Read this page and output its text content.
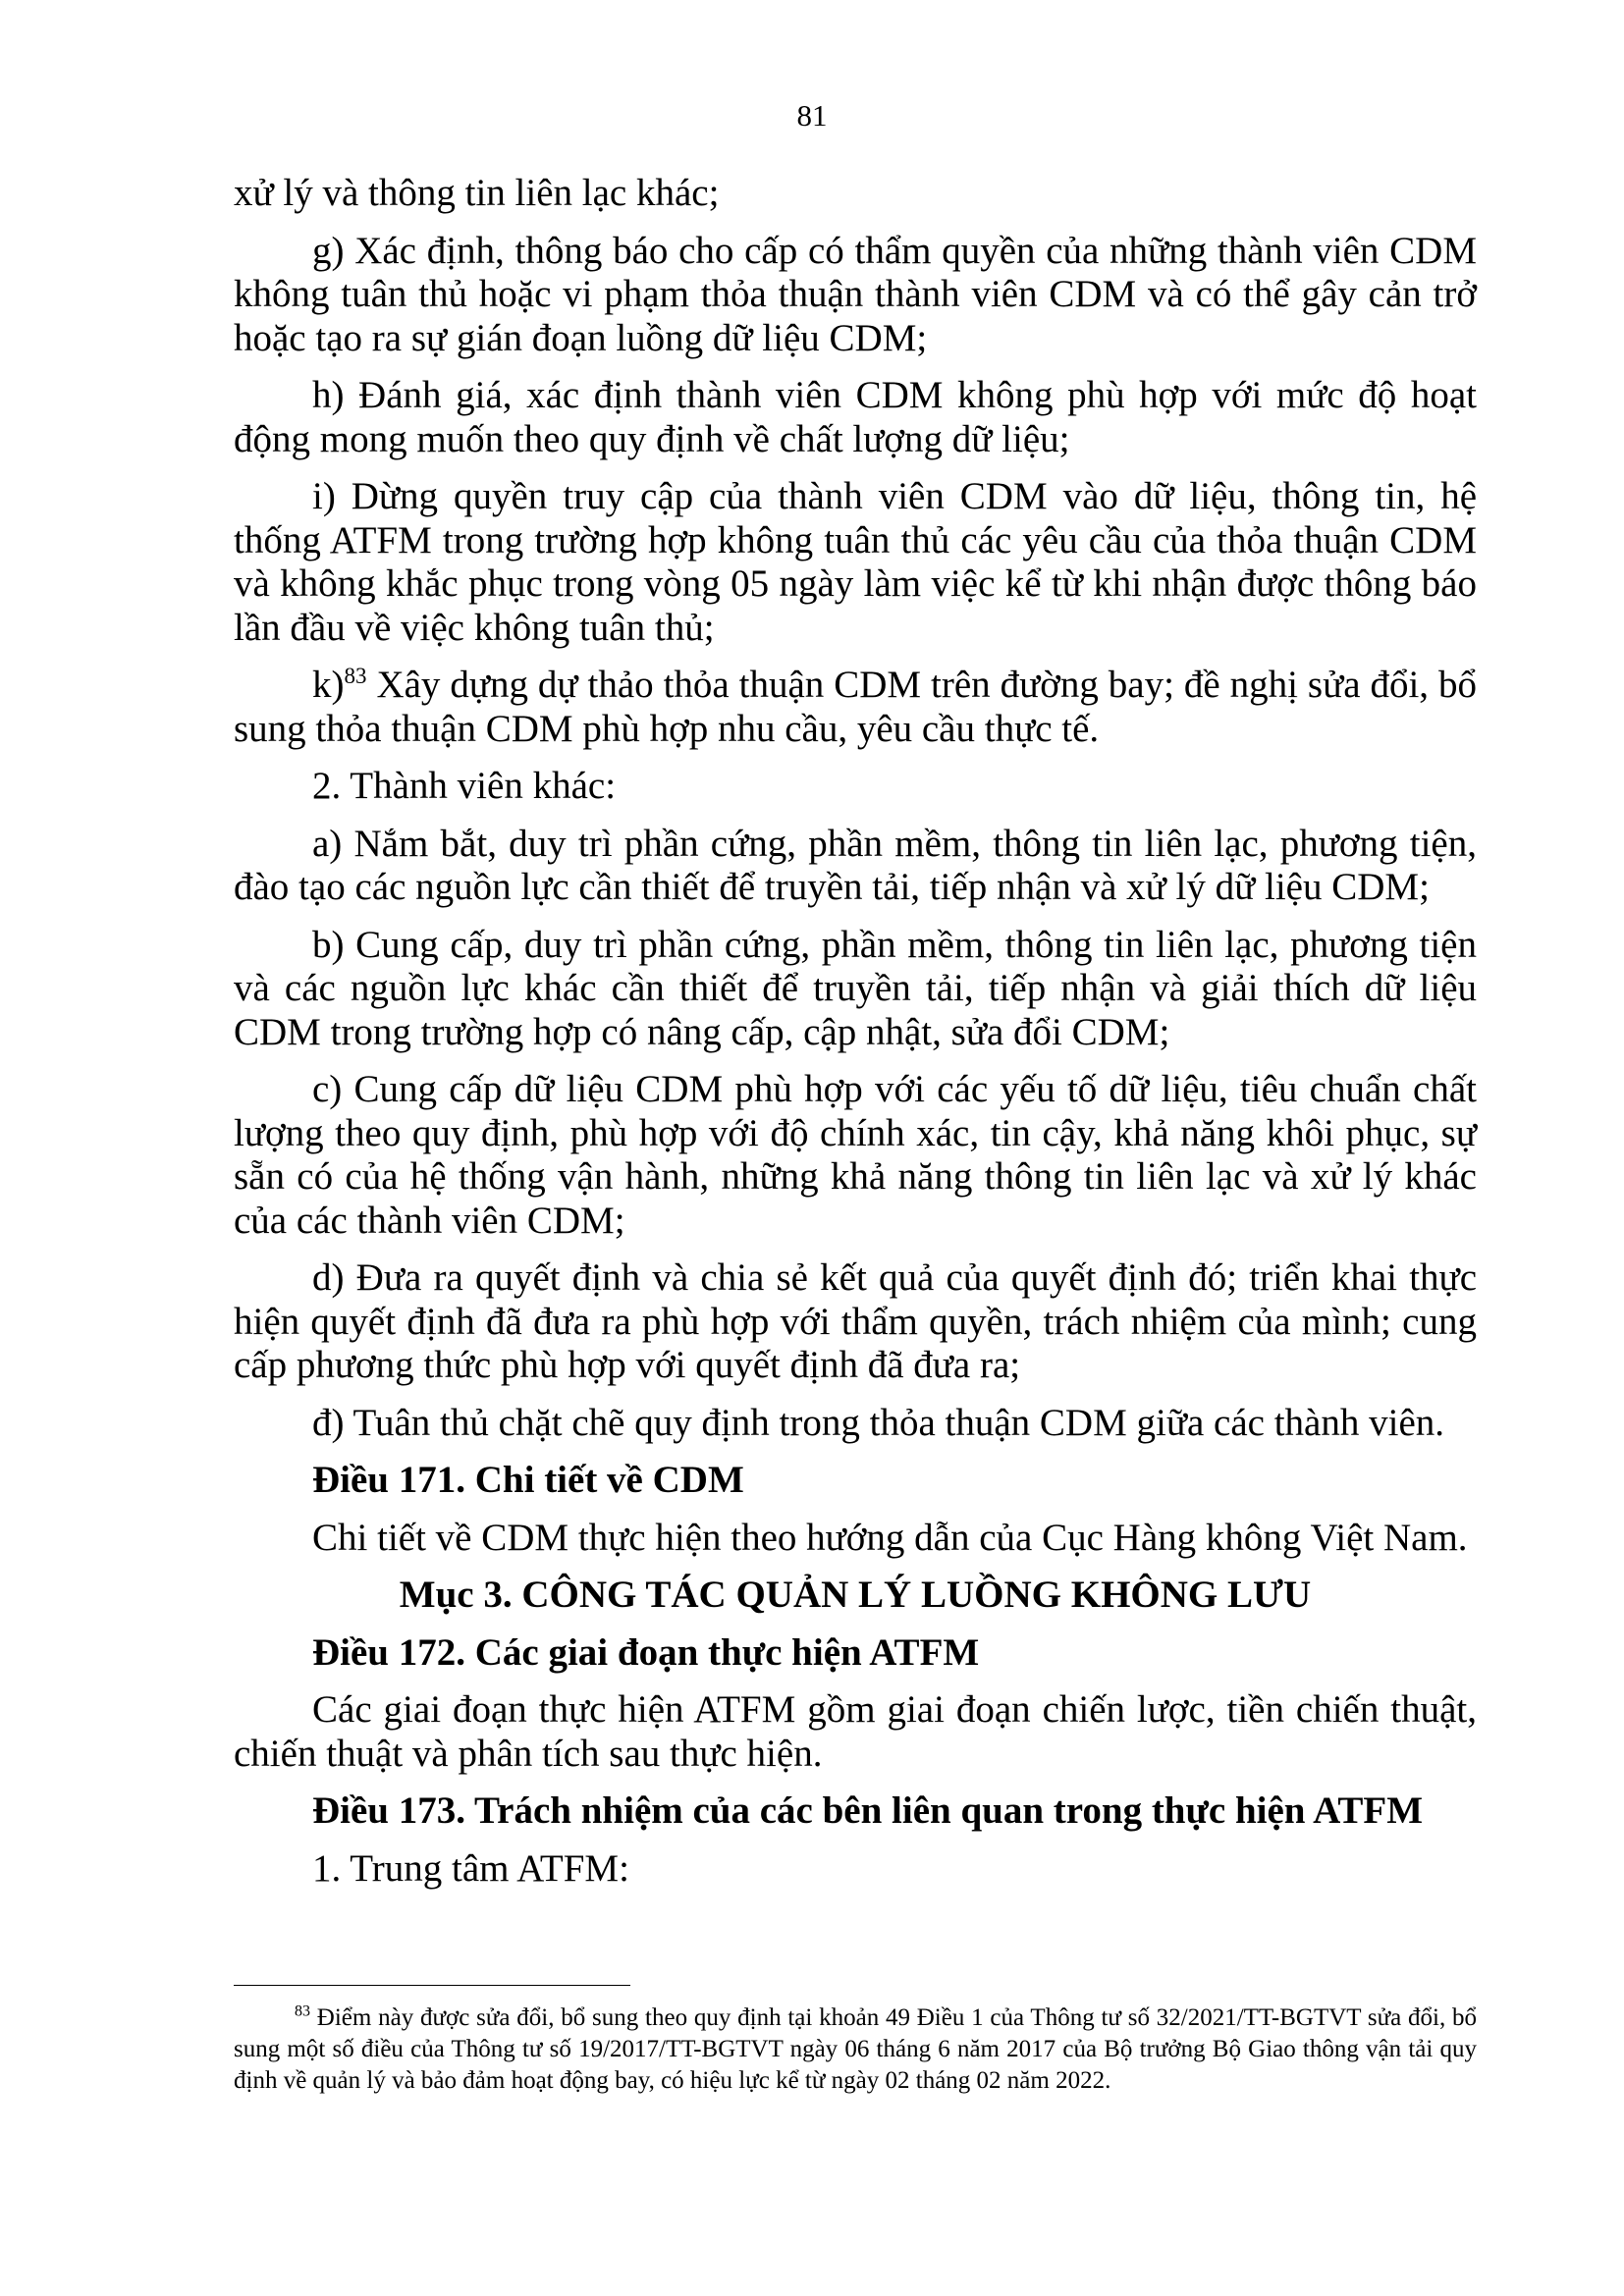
81

xử lý và thông tin liên lạc khác;

g) Xác định, thông báo cho cấp có thẩm quyền của những thành viên CDM không tuân thủ hoặc vi phạm thỏa thuận thành viên CDM và có thể gây cản trở hoặc tạo ra sự gián đoạn luồng dữ liệu CDM;

h) Đánh giá, xác định thành viên CDM không phù hợp với mức độ hoạt động mong muốn theo quy định về chất lượng dữ liệu;

i) Dừng quyền truy cập của thành viên CDM vào dữ liệu, thông tin, hệ thống ATFM trong trường hợp không tuân thủ các yêu cầu của thỏa thuận CDM và không khắc phục trong vòng 05 ngày làm việc kể từ khi nhận được thông báo lần đầu về việc không tuân thủ;

k)$^{83}$ Xây dựng dự thảo thỏa thuận CDM trên đường bay; đề nghị sửa đổi, bổ sung thỏa thuận CDM phù hợp nhu cầu, yêu cầu thực tế.

2. Thành viên khác:

a) Nắm bắt, duy trì phần cứng, phần mềm, thông tin liên lạc, phương tiện, đào tạo các nguồn lực cần thiết để truyền tải, tiếp nhận và xử lý dữ liệu CDM;

b) Cung cấp, duy trì phần cứng, phần mềm, thông tin liên lạc, phương tiện và các nguồn lực khác cần thiết để truyền tải, tiếp nhận và giải thích dữ liệu CDM trong trường hợp có nâng cấp, cập nhật, sửa đổi CDM;

c) Cung cấp dữ liệu CDM phù hợp với các yếu tố dữ liệu, tiêu chuẩn chất lượng theo quy định, phù hợp với độ chính xác, tin cậy, khả năng khôi phục, sự sẵn có của hệ thống vận hành, những khả năng thông tin liên lạc và xử lý khác của các thành viên CDM;

d) Đưa ra quyết định và chia sẻ kết quả của quyết định đó; triển khai thực hiện quyết định đã đưa ra phù hợp với thẩm quyền, trách nhiệm của mình; cung cấp phương thức phù hợp với quyết định đã đưa ra;

đ) Tuân thủ chặt chẽ quy định trong thỏa thuận CDM giữa các thành viên.

Điều 171. Chi tiết về CDM

Chi tiết về CDM thực hiện theo hướng dẫn của Cục Hàng không Việt Nam.

Mục 3. CÔNG TÁC QUẢN LÝ LUỒNG KHÔNG LƯU

Điều 172. Các giai đoạn thực hiện ATFM

Các giai đoạn thực hiện ATFM gồm giai đoạn chiến lược, tiền chiến thuật, chiến thuật và phân tích sau thực hiện.

Điều 173. Trách nhiệm của các bên liên quan trong thực hiện ATFM

1. Trung tâm ATFM:

$^{83}$ Điểm này được sửa đổi, bổ sung theo quy định tại khoản 49 Điều 1 của Thông tư số 32/2021/TT-BGTVT sửa đổi, bổ sung một số điều của Thông tư số 19/2017/TT-BGTVT ngày 06 tháng 6 năm 2017 của Bộ trưởng Bộ Giao thông vận tải quy định về quản lý và bảo đảm hoạt động bay, có hiệu lực kể từ ngày 02 tháng 02 năm 2022.
